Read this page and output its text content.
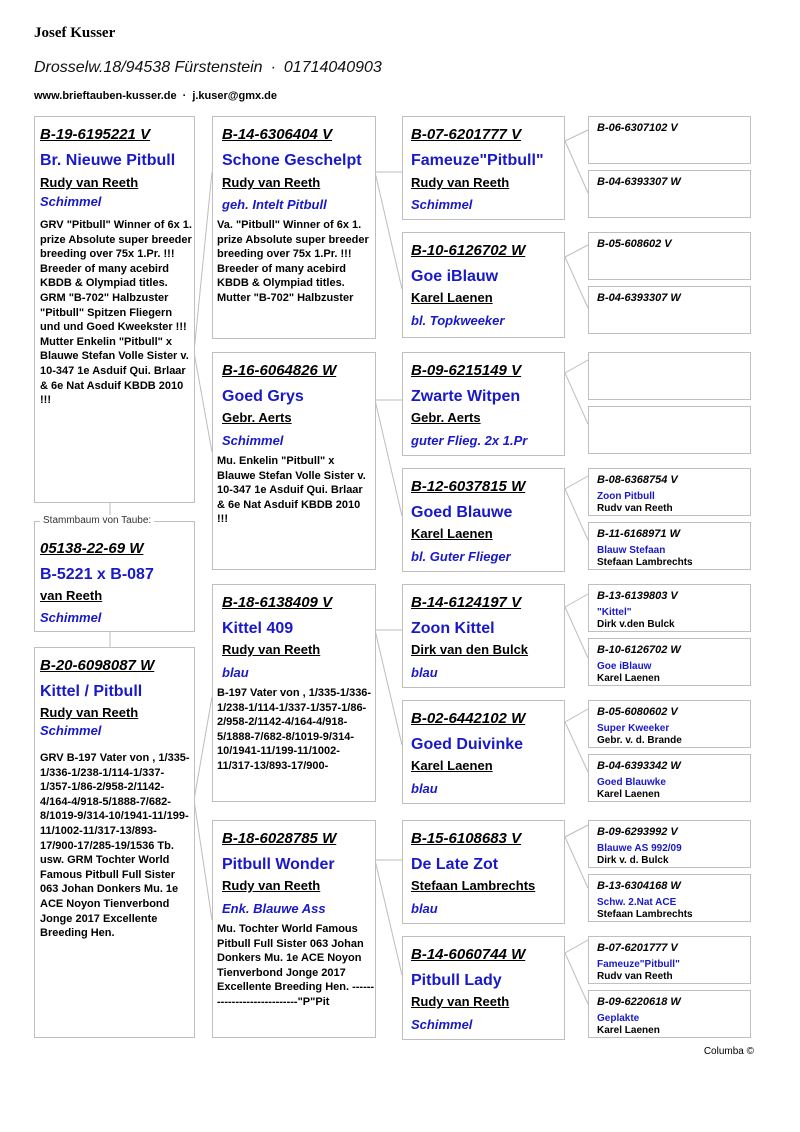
Josef Kusser
Drosselw.18/94538 Fürstenstein · 01714040903
www.brieftauben-kusser.de · j.kuser@gmx.de
B-19-6195221 V
Br. Nieuwe Pitbull
Rudy van Reeth
Schimmel
GRV "Pitbull" Winner of 6x 1. prize Absolute super breeder breeding over 75x 1.Pr. !!! Breeder of many acebird KBDB & Olympiad titles. GRM "B-702" Halbzuster "Pitbull" Spitzen Fliegern und und Goed Kweekster !!! Mutter Enkelin "Pitbull" x Blauwe Stefan Volle Sister v. 10-347 1e Asduif Qui. Brlaar & 6e Nat Asduif KBDB 2010 !!!
05138-22-69 W
B-5221 x B-087
van Reeth
Schimmel
Stammbaum von Taube:
B-20-6098087 W
Kittel / Pitbull
Rudy van Reeth
Schimmel
GRV B-197 Vater von , 1/335-1/336-1/238-1/114-1/337-1/357-1/86-2/958-2/1142-4/164-4/918-5/1888-7/682-8/1019-9/314-10/1941-11/199-11/1002-11/317-13/893-17/900-17/285-19/1536 Tb. usw. GRM Tochter World Famous Pitbull Full Sister 063 Johan Donkers Mu. 1e ACE Noyon Tienverbond Jonge 2017 Excellente Breeding Hen.
B-14-6306404 V
Schone Geschelpt
Rudy van Reeth
geh. Intelt Pitbull
Va. "Pitbull" Winner of 6x 1. prize Absolute super breeder breeding over 75x 1.Pr. !!! Breeder of many acebird KBDB & Olympiad titles. Mutter "B-702" Halbzuster
B-16-6064826 W
Goed Grys
Gebr. Aerts
Schimmel
Mu. Enkelin "Pitbull" x Blauwe Stefan Volle Sister v. 10-347 1e Asduif Qui. Brlaar & 6e Nat Asduif KBDB 2010 !!!
B-18-6138409 V
Kittel 409
Rudy van Reeth
blau
B-197 Vater von , 1/335-1/336-1/238-1/114-1/337-1/357-1/86-2/958-2/1142-4/164-4/918-5/1888-7/682-8/1019-9/314-10/1941-11/199-11/1002-11/317-13/893-17/900-
B-18-6028785 W
Pitbull Wonder
Rudy van Reeth
Enk. Blauwe Ass
Mu. Tochter World Famous Pitbull Full Sister 063 Johan Donkers Mu. 1e ACE Noyon Tienverbond Jonge 2017 Excellente Breeding Hen. ----------------------------"P"Pit
B-07-6201777 V
Fameuze"Pitbull"
Rudy van Reeth
Schimmel
B-10-6126702 W
Goe iBlauw
Karel Laenen
bl. Topkweeker
B-09-6215149 V
Zwarte Witpen
Gebr. Aerts
guter Flieg. 2x 1.Pr
B-12-6037815 W
Goed Blauwe
Karel Laenen
bl. Guter Flieger
B-14-6124197 V
Zoon Kittel
Dirk van den Bulck
blau
B-02-6442102 W
Goed Duivinke
Karel Laenen
blau
B-15-6108683 V
De Late Zot
Stefaan Lambrechts
blau
B-14-6060744 W
Pitbull Lady
Rudy van Reeth
Schimmel
B-06-6307102 V
B-04-6393307 W
B-05-608602 V
B-04-6393307 W
B-08-6368754 V
Zoon Pitbull
Rudv van Reeth
B-11-6168971 W
Blauw Stefaan
Stefaan Lambrechts
B-13-6139803 V
"Kittel"
Dirk v.den Bulck
B-10-6126702 W
Goe iBlauw
Karel Laenen
B-05-6080602 V
Super Kweeker
Gebr. v. d. Brande
B-04-6393342 W
Goed Blauwke
Karel Laenen
B-09-6293992 V
Blauwe AS 992/09
Dirk v. d. Bulck
B-13-6304168 W
Schw. 2.Nat ACE
Stefaan Lambrechts
B-07-6201777 V
Fameuze"Pitbull"
Rudv van Reeth
B-09-6220618 W
Geplakte
Karel Laenen
Columba ©
